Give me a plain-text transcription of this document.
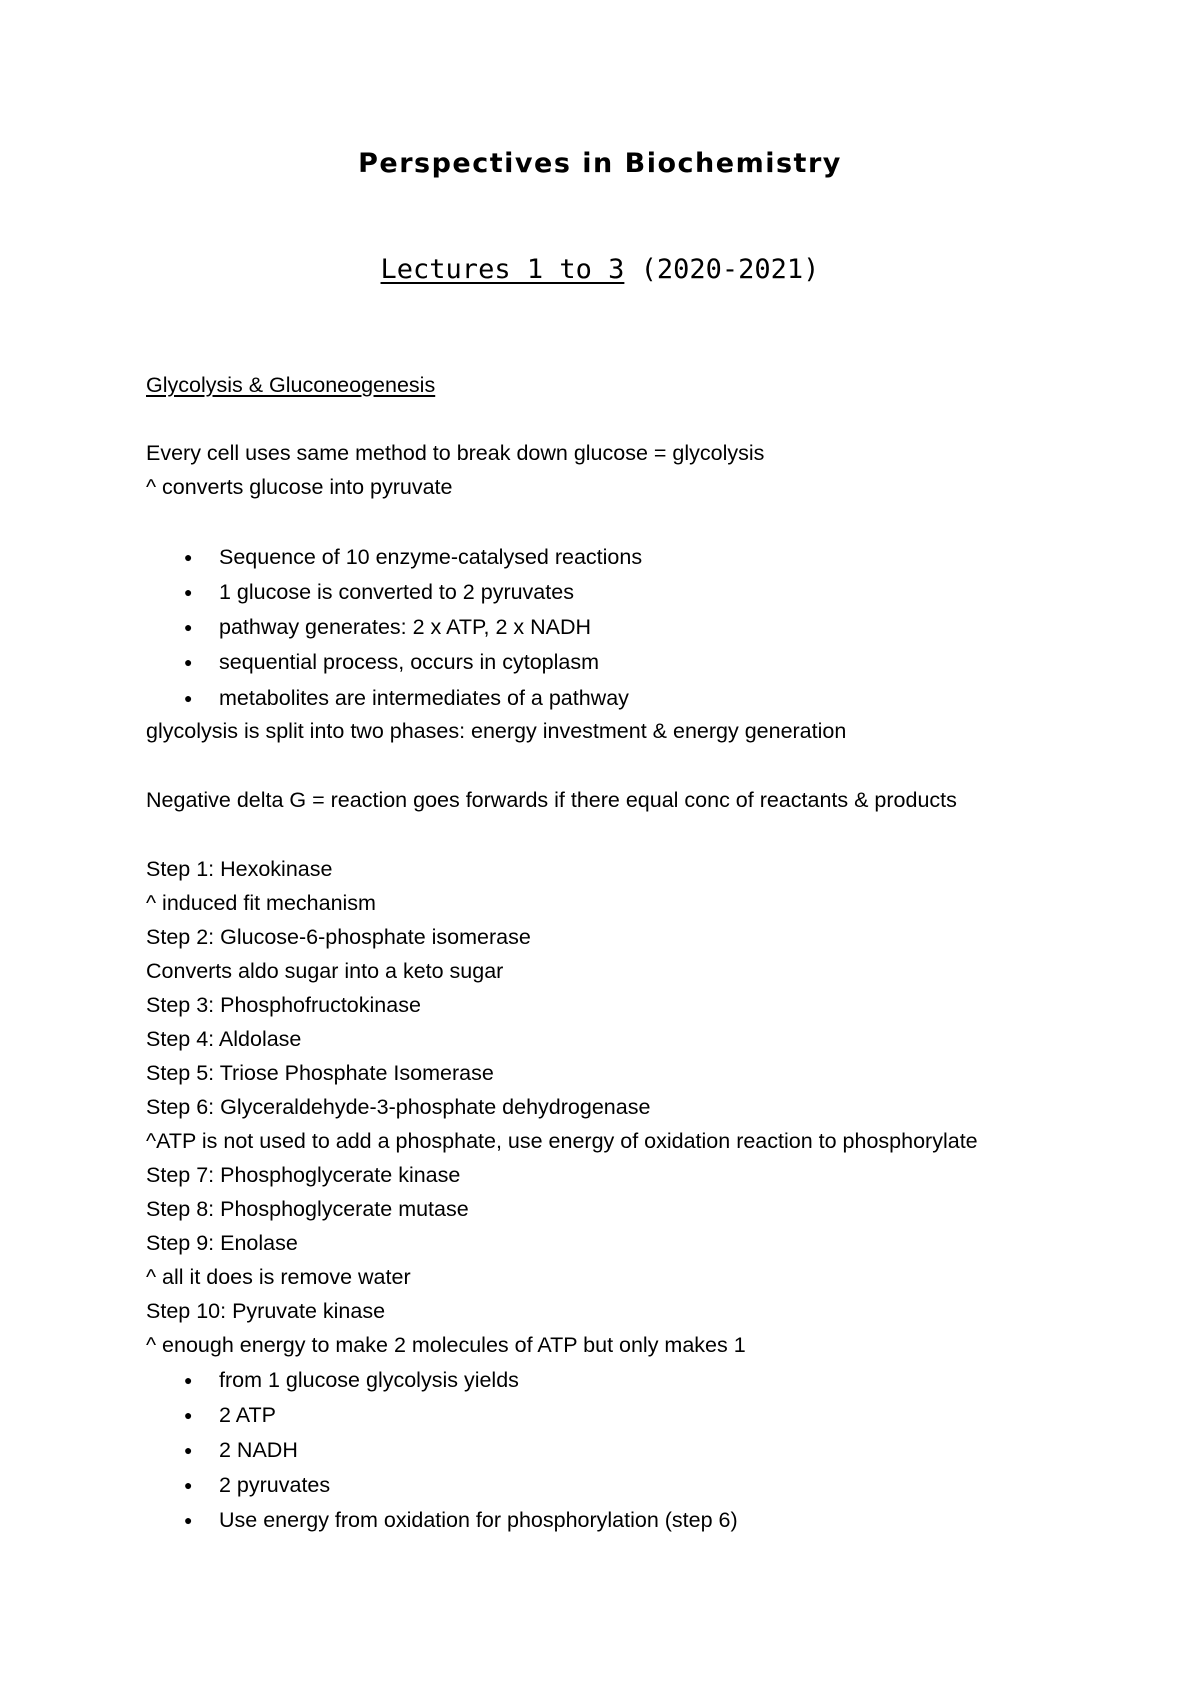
Perspectives in Biochemistry

Lectures 1 to 3 (2020-2021)

Glycolysis & Gluconeogenesis
Every cell uses same method to break down glucose = glycolysis
^ converts glucose into pyruvate
● Sequence of 10 enzyme-catalysed reactions
● 1 glucose is converted to 2 pyruvates
● pathway generates: 2 x ATP, 2 x NADH
● sequential process, occurs in cytoplasm
● metabolites are intermediates of a pathway
glycolysis is split into two phases: energy investment & energy generation
Negative delta G = reaction goes forwards if there equal conc of reactants & products
Step 1: Hexokinase
^ induced fit mechanism
Step 2: Glucose-6-phosphate isomerase
Converts aldo sugar into a keto sugar
Step 3: Phosphofructokinase
Step 4: Aldolase
Step 5: Triose Phosphate Isomerase
Step 6: Glyceraldehyde-3-phosphate dehydrogenase
^ATP is not used to add a phosphate, use energy of oxidation reaction to phosphorylate
Step 7: Phosphoglycerate kinase
Step 8: Phosphoglycerate mutase
Step 9: Enolase
^ all it does is remove water
Step 10: Pyruvate kinase
^ enough energy to make 2 molecules of ATP but only makes 1
● from 1 glucose glycolysis yields
● 2 ATP
● 2 NADH
● 2 pyruvates
● Use energy from oxidation for phosphorylation (step 6)
